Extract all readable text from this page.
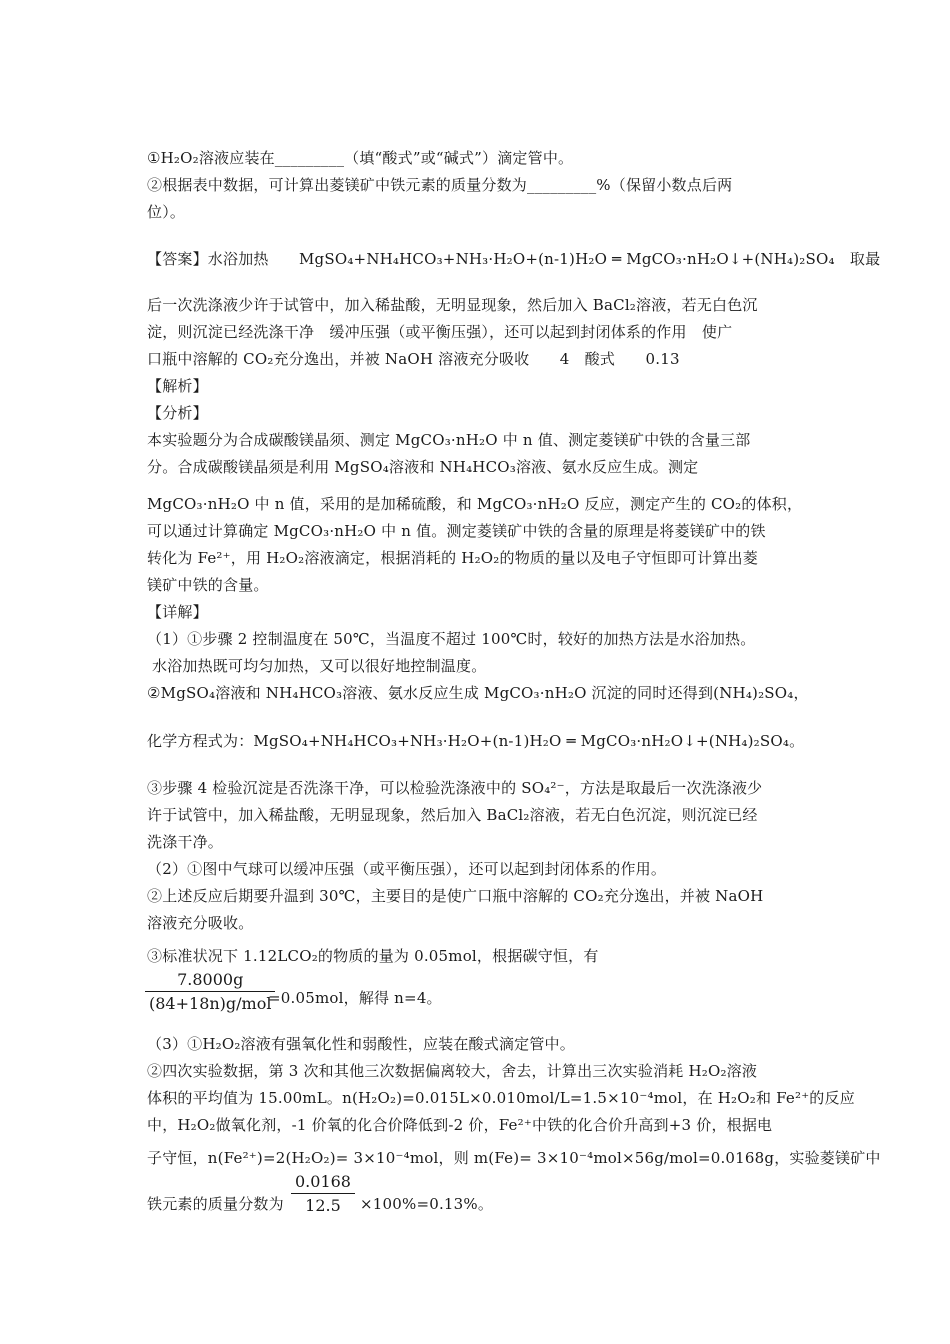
①H₂O₂溶液应装在_________（填“酸式”或“碱式”）滴定管中。
②根据表中数据，可计算出菱镁矿中铁元素的质量分数为_________%（保留小数点后两
位）。
【答案】水浴加热　　MgSO₄+NH₄HCO₃+NH₃·H₂O+(n-1)H₂O ═ MgCO₃·nH₂O↓+(NH₄)₂SO₄　取最
后一次洗涤液少许于试管中，加入稀盐酸，无明显现象，然后加入 BaCl₂溶液，若无白色沉
淀，则沉淀已经洗涤干净　缓冲压强（或平衡压强），还可以起到封闭体系的作用　使广
口瓶中溶解的 CO₂充分逸出，并被 NaOH 溶液充分吸收　　4　酸式　　0.13
【解析】
【分析】
本实验题分为合成碳酸镁晶须、测定 MgCO₃·nH₂O 中 n 值、测定菱镁矿中铁的含量三部
分。合成碳酸镁晶须是利用 MgSO₄溶液和 NH₄HCO₃溶液、氨水反应生成。测定
MgCO₃·nH₂O 中 n 值，采用的是加稀硫酸，和 MgCO₃·nH₂O 反应，测定产生的 CO₂的体积，
可以通过计算确定 MgCO₃·nH₂O 中 n 值。测定菱镁矿中铁的含量的原理是将菱镁矿中的铁
转化为 Fe²⁺，用 H₂O₂溶液滴定，根据消耗的 H₂O₂的物质的量以及电子守恒即可计算出菱
镁矿中铁的含量。
【详解】
（1）①步骤 2 控制温度在 50℃，当温度不超过 100℃时，较好的加热方法是水浴加热。
水浴加热既可均匀加热，又可以很好地控制温度。
②MgSO₄溶液和 NH₄HCO₃溶液、氨水反应生成 MgCO₃·nH₂O 沉淀的同时还得到(NH₄)₂SO₄，
化学方程式为：MgSO₄+NH₄HCO₃+NH₃·H₂O+(n-1)H₂O ═ MgCO₃·nH₂O↓+(NH₄)₂SO₄。
③步骤 4 检验沉淀是否洗涤干净，可以检验洗涤液中的 SO₄²⁻，方法是取最后一次洗涤液少
许于试管中，加入稀盐酸，无明显现象，然后加入 BaCl₂溶液，若无白色沉淀，则沉淀已经
洗涤干净。
（2）①图中气球可以缓冲压强（或平衡压强），还可以起到封闭体系的作用。
②上述反应后期要升温到 30℃，主要目的是使广口瓶中溶解的 CO₂充分逸出，并被 NaOH
溶液充分吸收。
③标准状况下 1.12LCO₂的物质的量为 0.05mol，根据碳守恒，有
7.8000g
(84+18n)g/mol
=0.05mol，解得 n=4。
（3）①H₂O₂溶液有强氧化性和弱酸性，应装在酸式滴定管中。
②四次实验数据，第 3 次和其他三次数据偏离较大，舍去，计算出三次实验消耗 H₂O₂溶液
体积的平均值为 15.00mL。n(H₂O₂)=0.015L×0.010mol/L=1.5×10⁻⁴mol，在 H₂O₂和 Fe²⁺的反应
中，H₂O₂做氧化剂，-1 价氧的化合价降低到-2 价，Fe²⁺中铁的化合价升高到+3 价，根据电
子守恒，n(Fe²⁺)=2(H₂O₂)= 3×10⁻⁴mol，则 m(Fe)= 3×10⁻⁴mol×56g/mol=0.0168g，实验菱镁矿中
铁元素的质量分数为 $\frac{0.0168}{12.5} \times 100\%=0.13\%$。
